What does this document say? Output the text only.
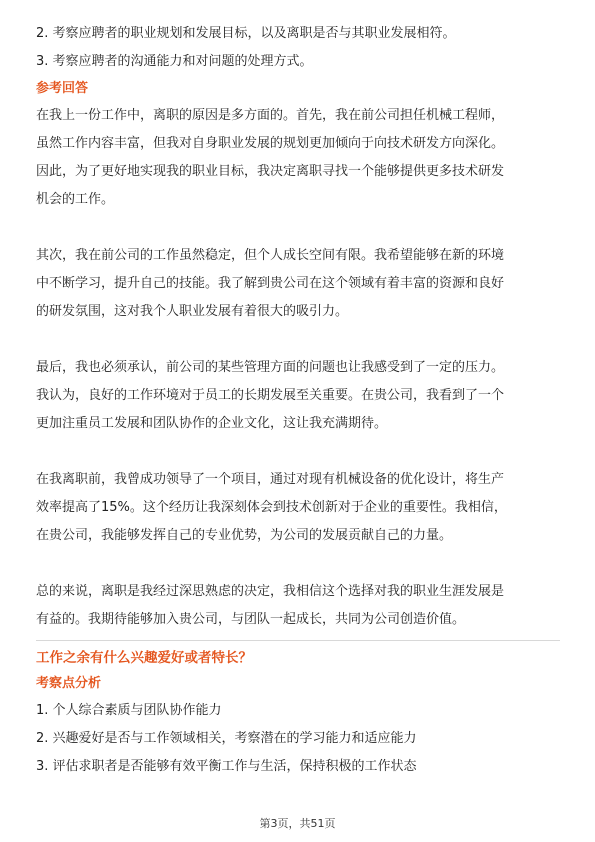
2. 考察应聘者的职业规划和发展目标，以及离职是否与其职业发展相符。
3. 考察应聘者的沟通能力和对问题的处理方式。
参考回答
在我上一份工作中，离职的原因是多方面的。首先，我在前公司担任机械工程师，
虽然工作内容丰富，但我对自身职业发展的规划更加倾向于向技术研发方向深化。
因此，为了更好地实现我的职业目标，我决定离职寻找一个能够提供更多技术研发
机会的工作。
其次，我在前公司的工作虽然稳定，但个人成长空间有限。我希望能够在新的环境
中不断学习，提升自己的技能。我了解到贵公司在这个领域有着丰富的资源和良好
的研发氛围，这对我个人职业发展有着很大的吸引力。
最后，我也必须承认，前公司的某些管理方面的问题也让我感受到了一定的压力。
我认为，良好的工作环境对于员工的长期发展至关重要。在贵公司，我看到了一个
更加注重员工发展和团队协作的企业文化，这让我充满期待。
在我离职前，我曾成功领导了一个项目，通过对现有机械设备的优化设计，将生产
效率提高了15%。这个经历让我深刻体会到技术创新对于企业的重要性。我相信，
在贵公司，我能够发挥自己的专业优势，为公司的发展贡献自己的力量。
总的来说，离职是我经过深思熟虑的决定，我相信这个选择对我的职业生涯发展是
有益的。我期待能够加入贵公司，与团队一起成长，共同为公司创造价值。
工作之余有什么兴趣爱好或者特长？
考察点分析
1. 个人综合素质与团队协作能力
2. 兴趣爱好是否与工作领域相关，考察潜在的学习能力和适应能力
3. 评估求职者是否能够有效平衡工作与生活，保持积极的工作状态
第3页，共51页
